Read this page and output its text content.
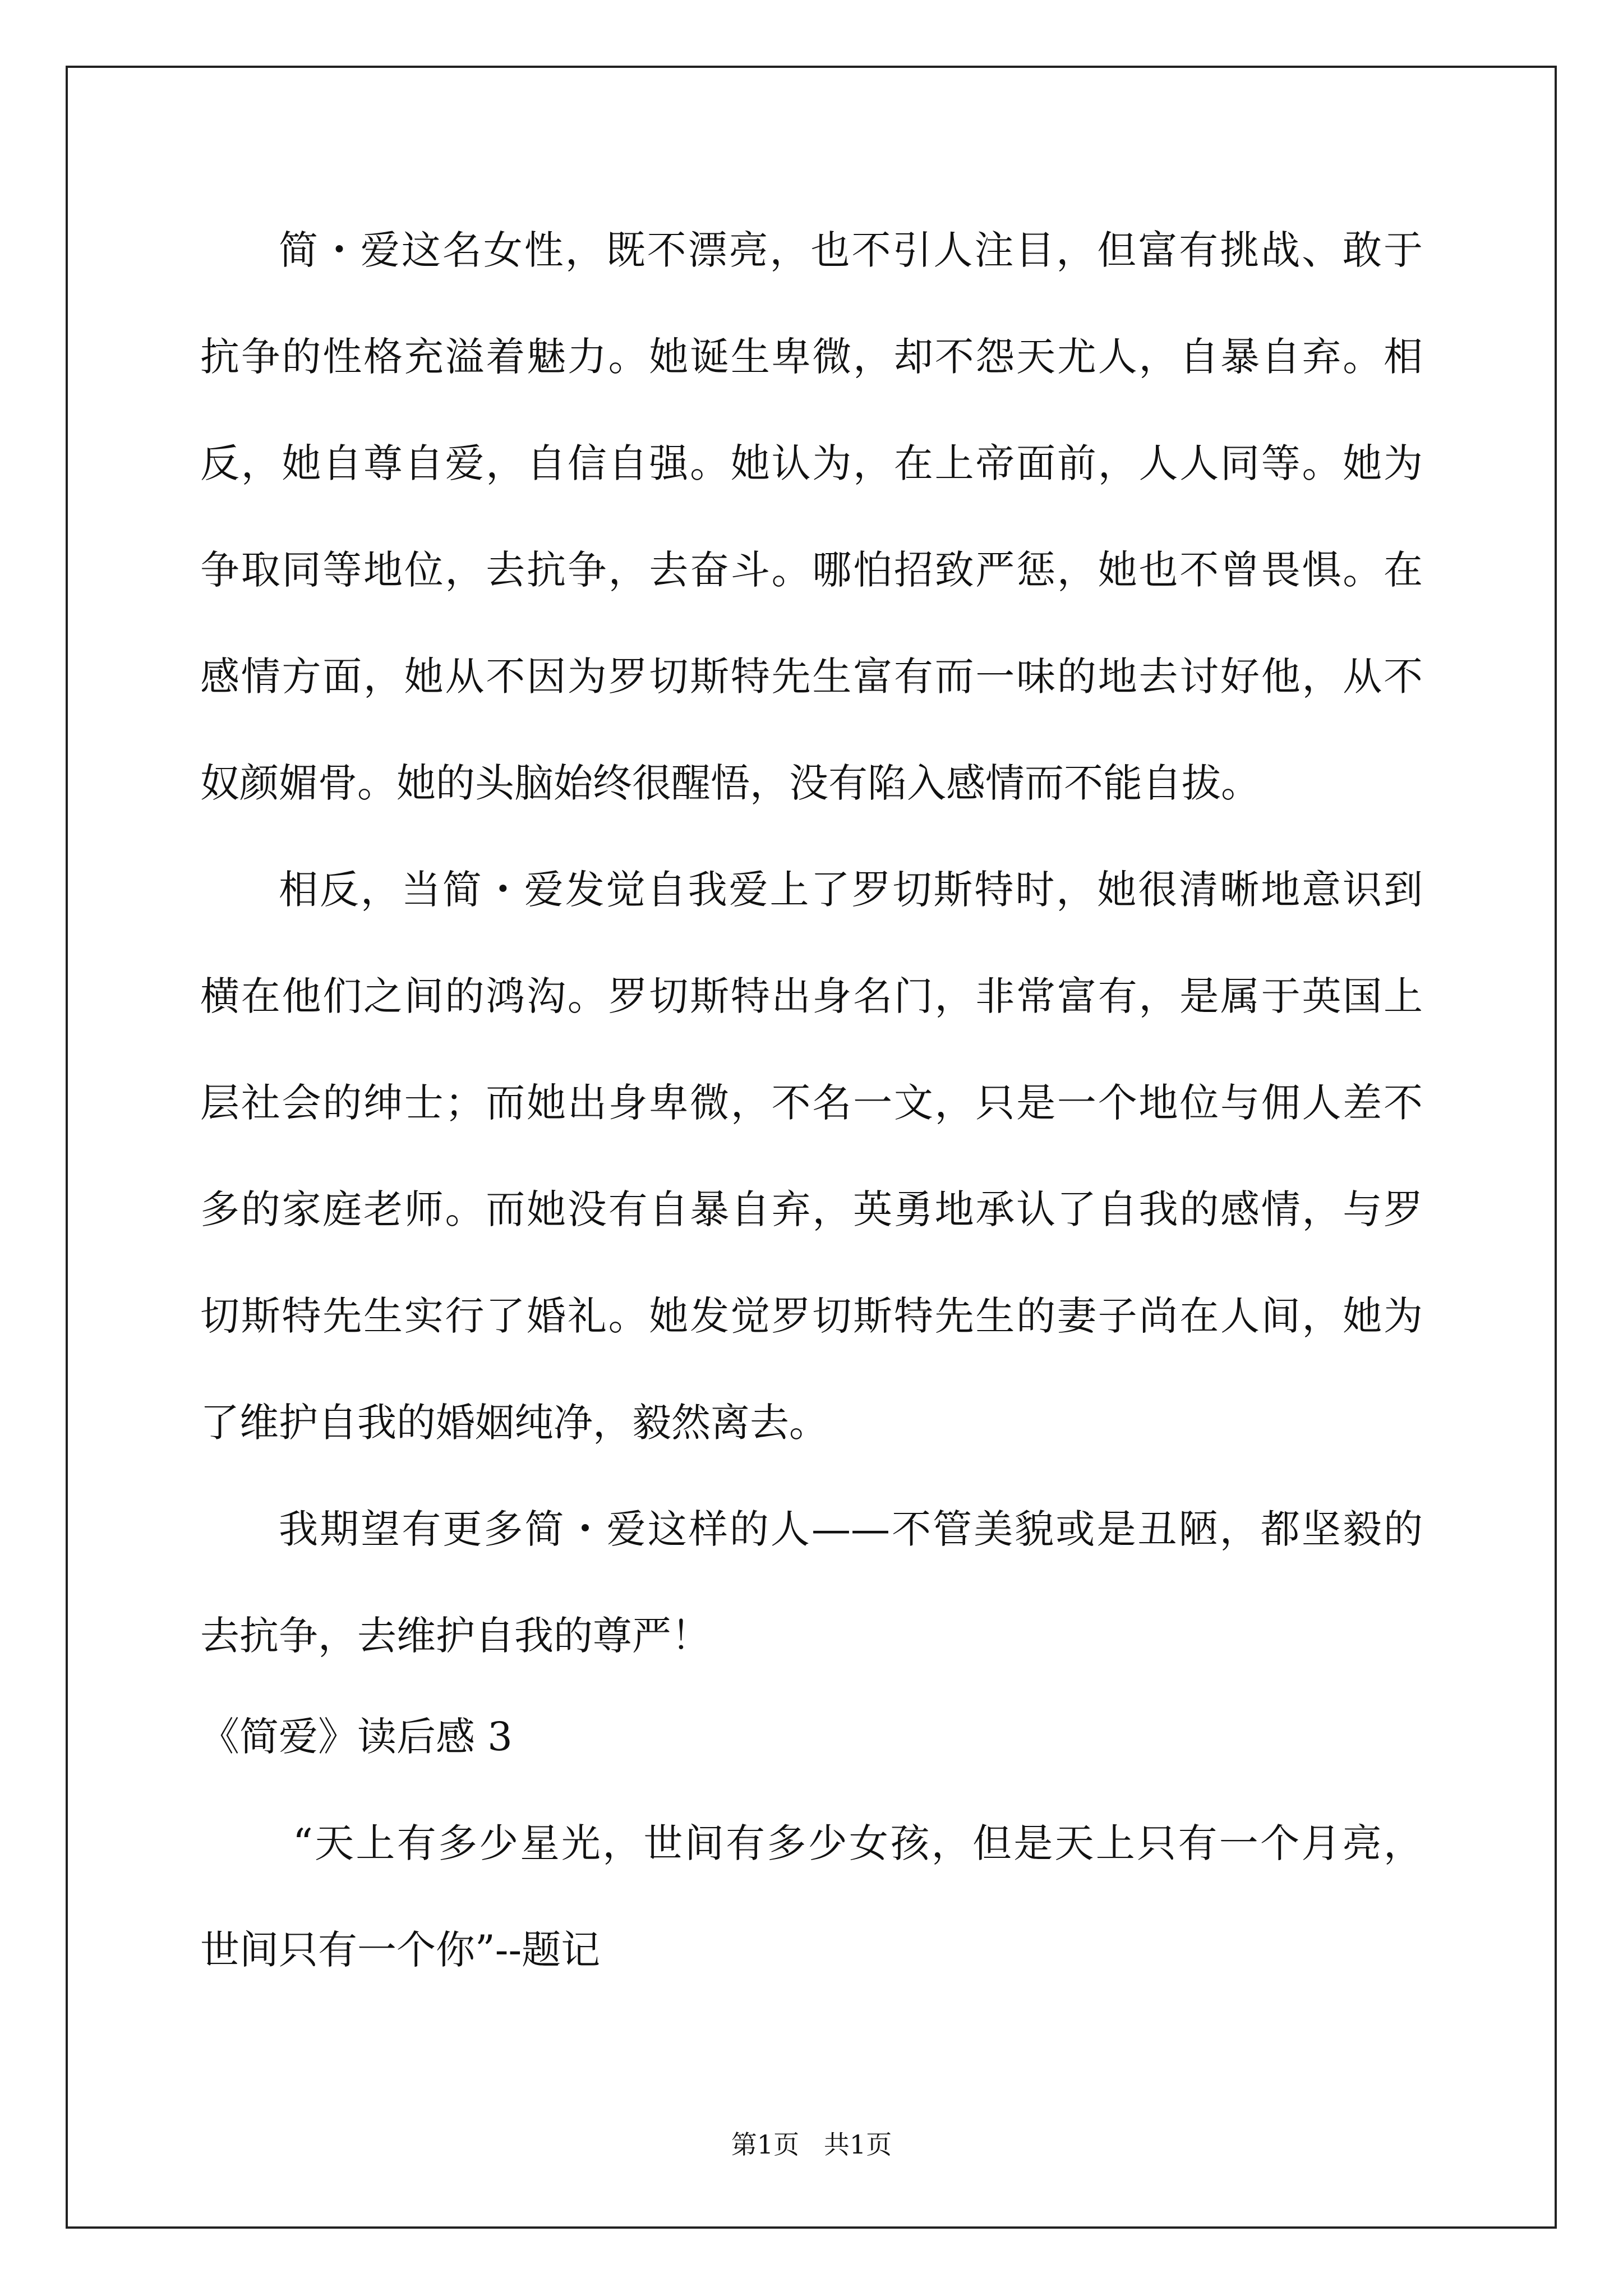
简・爱这名女性，既不漂亮，也不引人注目，但富有挑战、敢于
抗争的性格充溢着魅力。她诞生卑微，却不怨天尤人，自暴自弃。相
反，她自尊自爱，自信自强。她认为，在上帝面前，人人同等。她为
争取同等地位，去抗争，去奋斗。哪怕招致严惩，她也不曾畏惧。在
感情方面，她从不因为罗切斯特先生富有而一味的地去讨好他，从不
奴颜媚骨。她的头脑始终很醒悟，没有陷入感情而不能自拔。
相反，当简・爱发觉自我爱上了罗切斯特时，她很清晰地意识到
横在他们之间的鸿沟。罗切斯特出身名门，非常富有，是属于英国上
层社会的绅士；而她出身卑微，不名一文，只是一个地位与佣人差不
多的家庭老师。而她没有自暴自弃，英勇地承认了自我的感情，与罗
切斯特先生实行了婚礼。她发觉罗切斯特先生的妻子尚在人间，她为
了维护自我的婚姻纯净，毅然离去。
我期望有更多简・爱这样的人——不管美貌或是丑陋，都坚毅的
去抗争，去维护自我的尊严！
《简爱》读后感 3
“天上有多少星光，世间有多少女孩，但是天上只有一个月亮，
世间只有一个你”--题记
第1页   共1页
